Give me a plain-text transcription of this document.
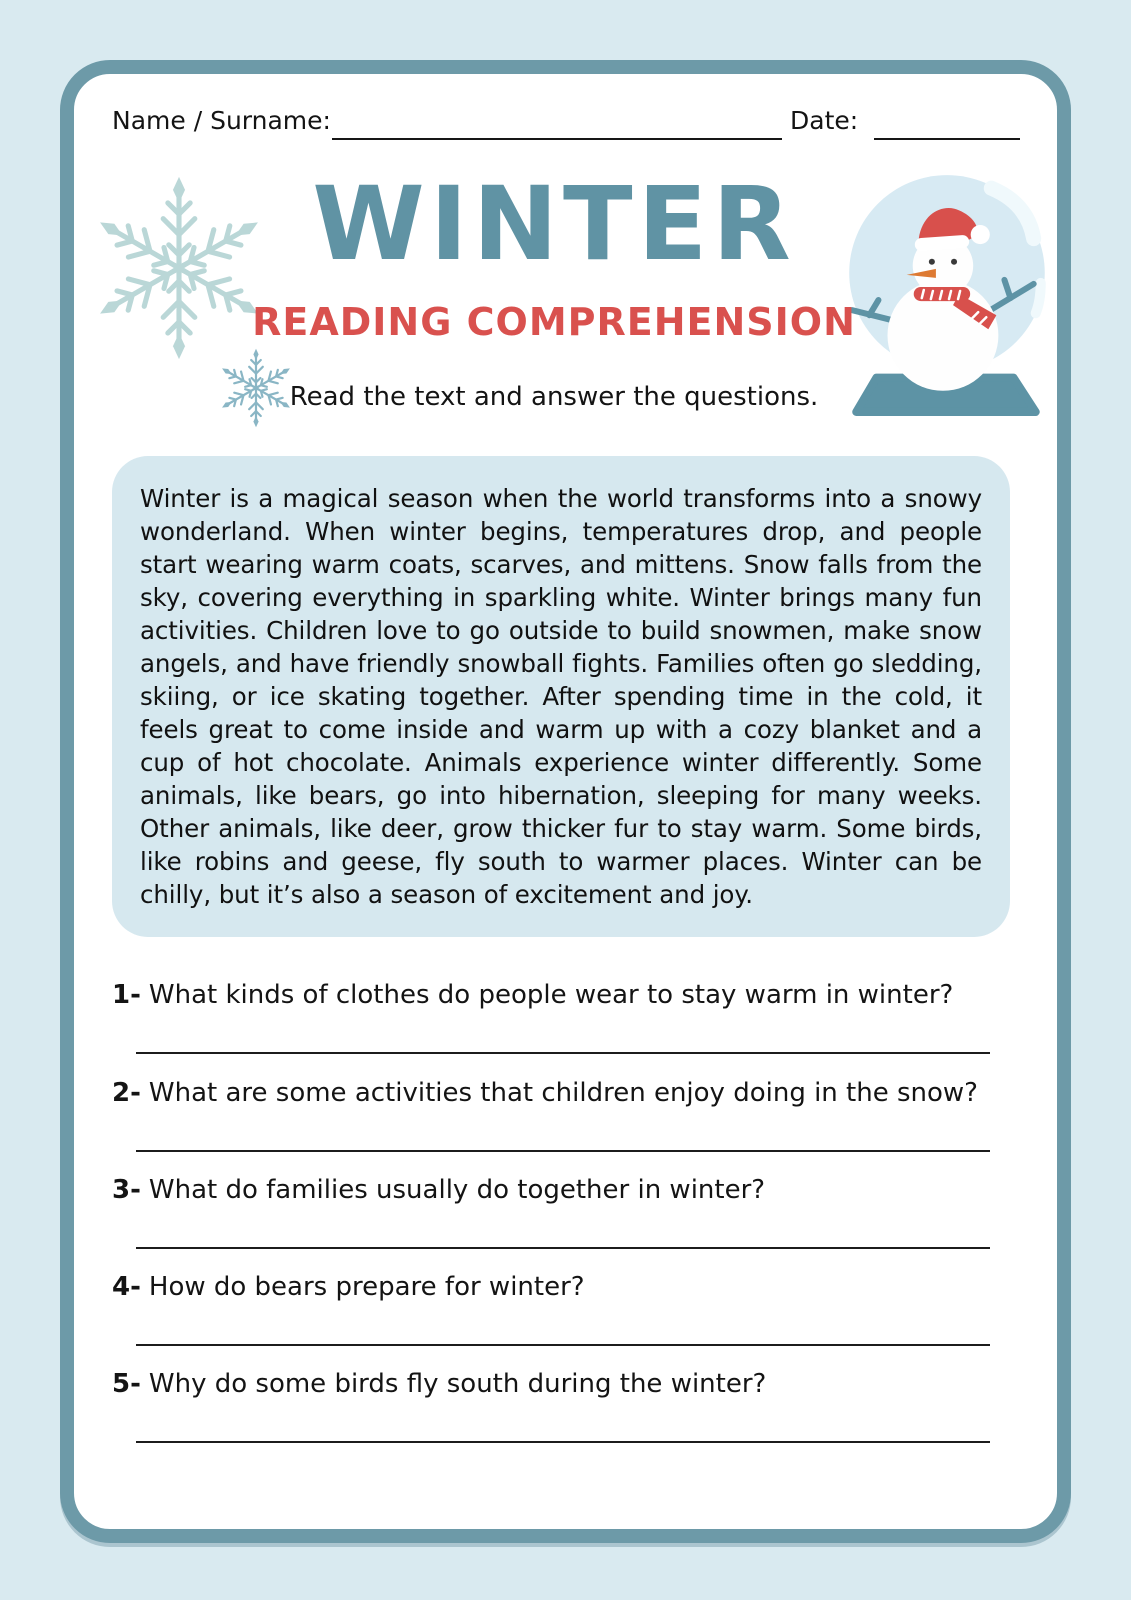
Name / Surname:	Date:
WINTER
READING COMPREHENSION
Read the text and answer the questions.
Winter is a magical season when the world transforms into a snowy wonderland. When winter begins, temperatures drop, and people start wearing warm coats, scarves, and mittens. Snow falls from the sky, covering everything in sparkling white. Winter brings many fun activities. Children love to go outside to build snowmen, make snow angels, and have friendly snowball fights. Families often go sledding, skiing, or ice skating together. After spending time in the cold, it feels great to come inside and warm up with a cozy blanket and a cup of hot chocolate. Animals experience winter differently. Some animals, like bears, go into hibernation, sleeping for many weeks. Other animals, like deer, grow thicker fur to stay warm. Some birds, like robins and geese, fly south to warmer places. Winter can be chilly, but it’s also a season of excitement and joy.
1- What kinds of clothes do people wear to stay warm in winter?
2- What are some activities that children enjoy doing in the snow?
3- What do families usually do together in winter?
4- How do bears prepare for winter?
5- Why do some birds fly south during the winter?
